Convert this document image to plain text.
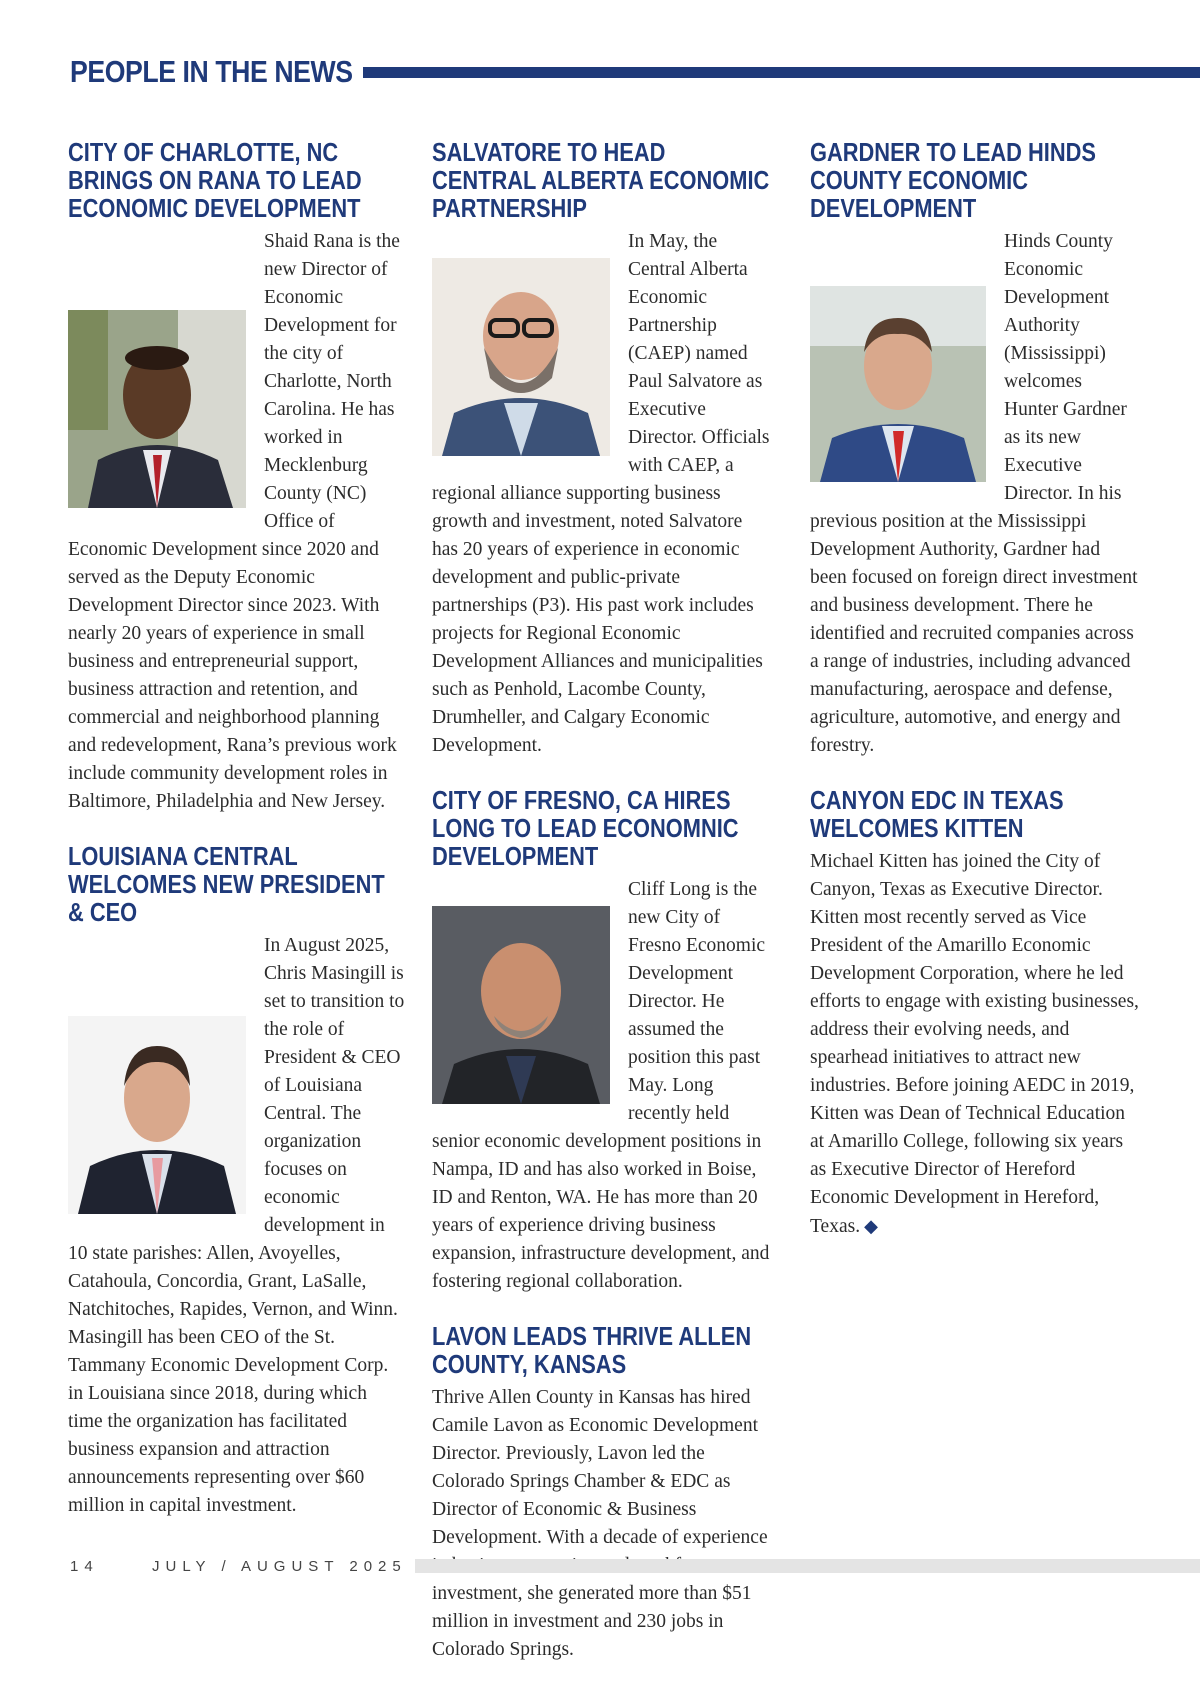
PEOPLE IN THE NEWS
CITY OF CHARLOTTE, NC BRINGS ON RANA TO LEAD ECONOMIC DEVELOPMENT

Shaid Rana is the new Director of Economic Development for the city of Charlotte, North Carolina. He has worked in Mecklenburg County (NC) Office of Economic Development since 2020 and served as the Deputy Economic Development Director since 2023. With nearly 20 years of experience in small business and entrepreneurial support, business attraction and retention, and commercial and neighborhood planning and redevelopment, Rana’s previous work include community development roles in Baltimore, Philadelphia and New Jersey.

LOUISIANA CENTRAL WELCOMES NEW PRESIDENT & CEO

In August 2025, Chris Masingill is set to transition to the role of President & CEO of Louisiana Central. The organization focuses on economic development in 10 state parishes: Allen, Avoyelles, Catahoula, Concordia, Grant, LaSalle, Natchitoches, Rapides, Vernon, and Winn. Masingill has been CEO of the St. Tammany Economic Development Corp. in Louisiana since 2018, during which time the organization has facilitated business expansion and attraction announcements representing over $60 million in capital investment.

SALVATORE TO HEAD CENTRAL ALBERTA ECONOMIC PARTNERSHIP

In May, the Central Alberta Economic Partnership (CAEP) named Paul Salvatore as Executive Director. Officials with CAEP, a regional alliance supporting business growth and investment, noted Salvatore has 20 years of experience in economic development and public-private partnerships (P3). His past work includes projects for Regional Economic Development Alliances and municipalities such as Penhold, Lacombe County, Drumheller, and Calgary Economic Development.

CITY OF FRESNO, CA HIRES LONG TO LEAD ECONOMNIC DEVELOPMENT

Cliff Long is the new City of Fresno Economic Development Director. He assumed the position this past May. Long recently held senior economic development positions in Nampa, ID and has also worked in Boise, ID and Renton, WA. He has more than 20 years of experience driving business expansion, infrastructure development, and fostering regional collaboration.

LAVON LEADS THRIVE ALLEN COUNTY, KANSAS

Thrive Allen County in Kansas has hired Camile Lavon as Economic Development Director. Previously, Lavon led the Colorado Springs Chamber & EDC as Director of Economic & Business Development. With a decade of experience investment, she generated more than $51 million in investment and 230 jobs in Colorado Springs.

GARDNER TO LEAD HINDS COUNTY ECONOMIC DEVELOPMENT

Hinds County Economic Development Authority (Mississippi) welcomes Hunter Gardner as its new Executive Director. In his previous position at the Mississippi Development Authority, Gardner had been focused on foreign direct investment and business development. There he identified and recruited companies across a range of industries, including advanced manufacturing, aerospace and defense, agriculture, automotive, and energy and forestry.

CANYON EDC IN TEXAS WELCOMES KITTEN

Michael Kitten has joined the City of Canyon, Texas as Executive Director. Kitten most recently served as Vice President of the Amarillo Economic Development Corporation, where he led efforts to engage with existing businesses, address their evolving needs, and spearhead initiatives to attract new industries. Before joining AEDC in 2019, Kitten was Dean of Technical Education at Amarillo College, following six years as Executive Director of Hereford Economic Development in Hereford, Texas. ◆

14	JULY / AUGUST 2025
